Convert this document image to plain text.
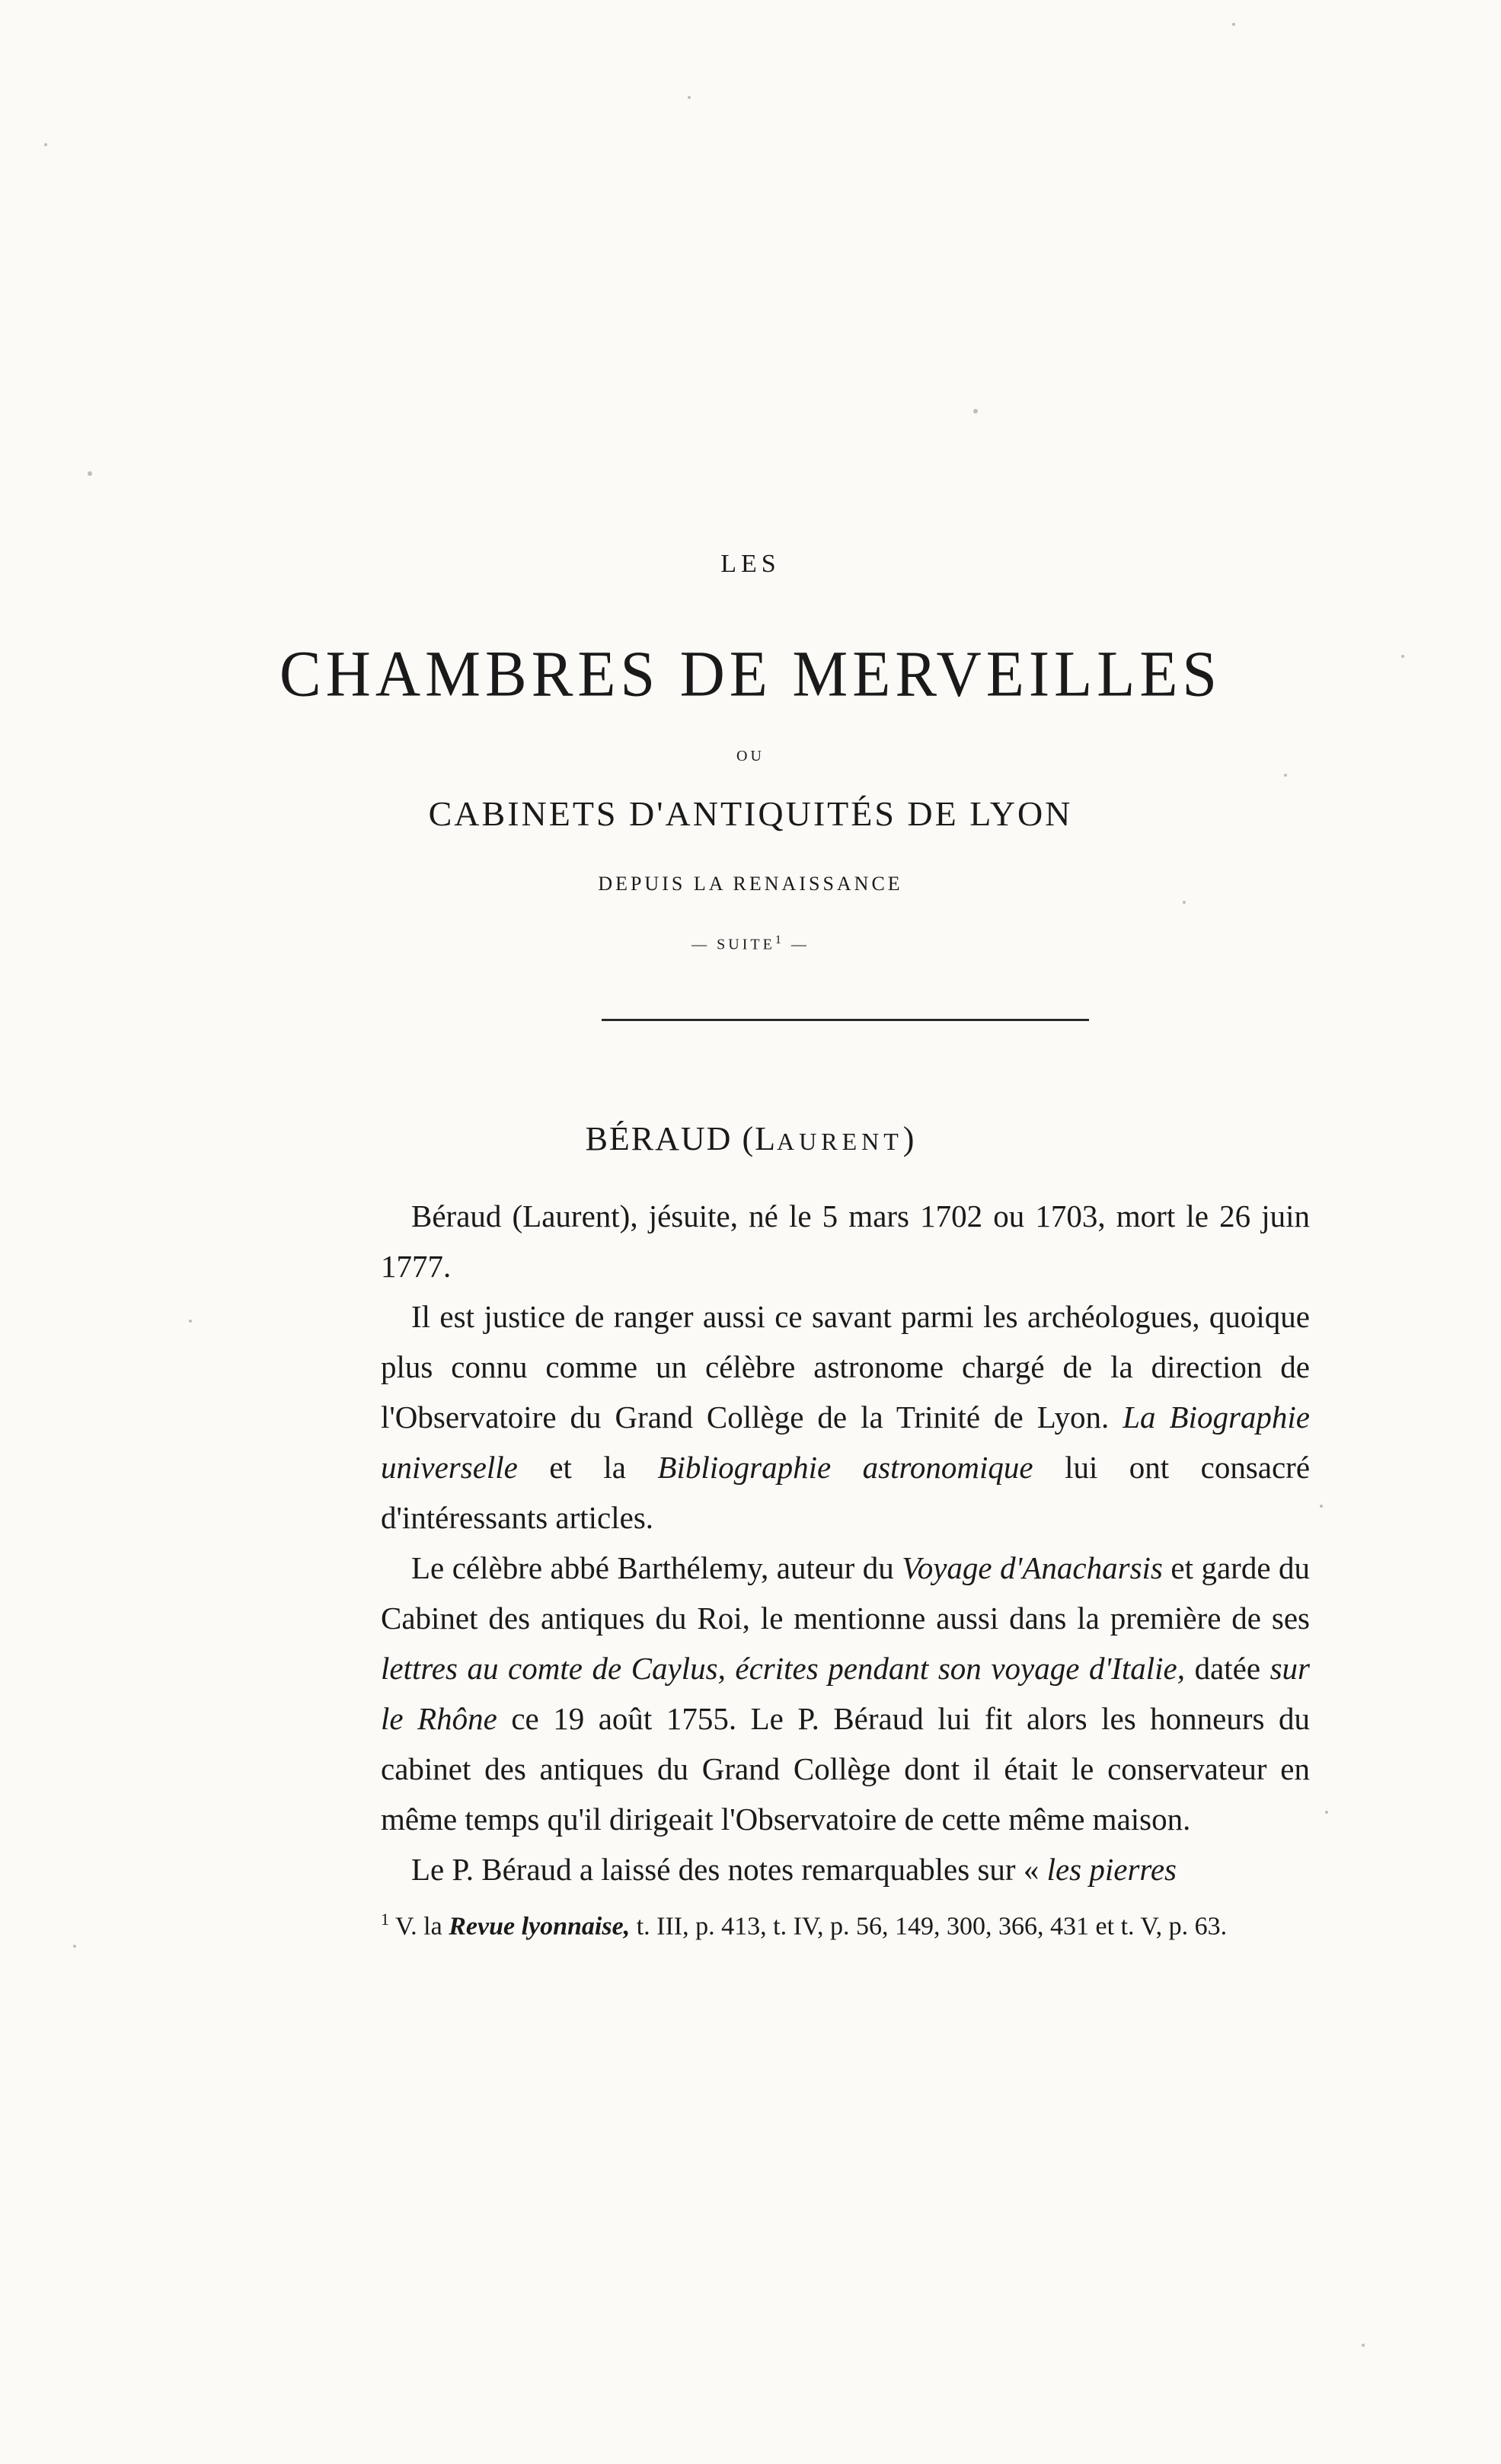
LES
CHAMBRES DE MERVEILLES
OU
CABINETS D'ANTIQUITÉS DE LYON
DEPUIS LA RENAISSANCE
— SUITE$^1$ —
BÉRAUD (LAURENT)

Béraud (Laurent), jésuite, né le 5 mars 1702 ou 1703, mort le 26 juin 1777.

Il est justice de ranger aussi ce savant parmi les archéologues, quoique plus connu comme un célèbre astronome chargé de la direction de l'Observatoire du Grand Collège de la Trinité de Lyon. La Biographie universelle et la Bibliographie astronomique lui ont consacré d'intéressants articles.

Le célèbre abbé Barthélemy, auteur du Voyage d'Anacharsis et garde du Cabinet des antiques du Roi, le mentionne aussi dans la première de ses lettres au comte de Caylus, écrites pendant son voyage d'Italie, datée sur le Rhône ce 19 août 1755. Le P. Béraud lui fit alors les honneurs du cabinet des antiques du Grand Collège dont il était le conservateur en même temps qu'il dirigeait l'Observatoire de cette même maison.

Le P. Béraud a laissé des notes remarquables sur « les pierres

$^1$ V. la Revue lyonnaise, t. III, p. 413, t. IV, p. 56, 149, 300, 366, 431 et t. V, p. 63.
